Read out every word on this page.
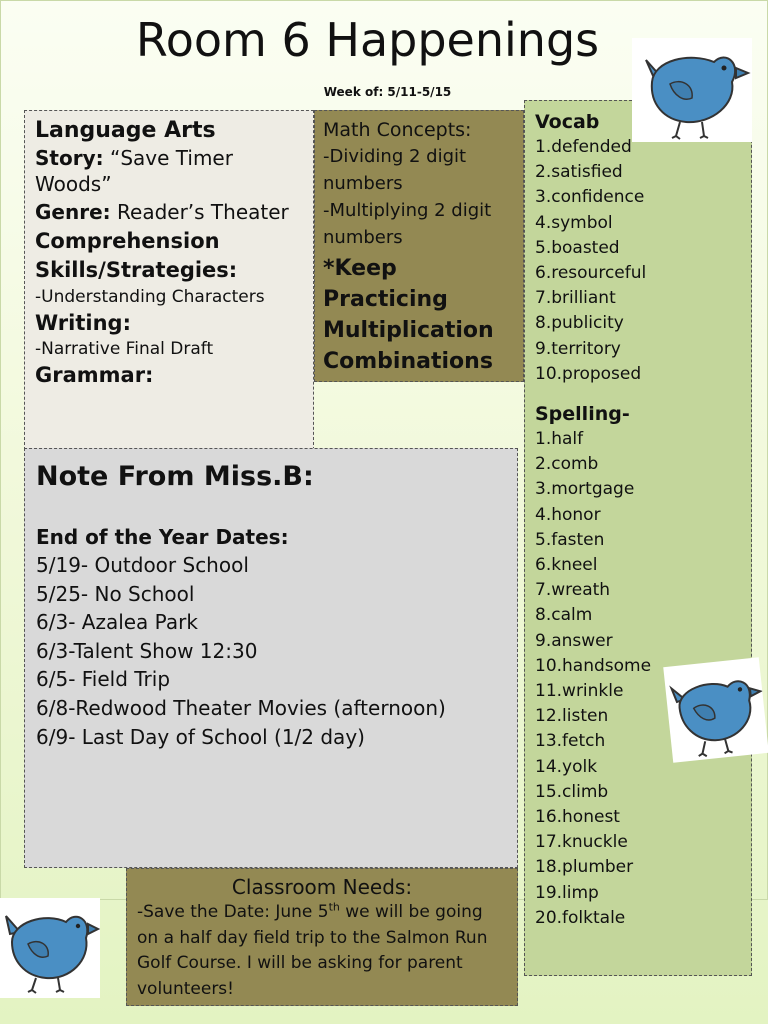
Room 6 Happenings
Week of: 5/11-5/15
Language Arts
Story: “Save Timer Woods”
Genre: Reader’s Theater
Comprehension Skills/Strategies:
-Understanding Characters
Writing:
-Narrative Final Draft
Grammar:
Math Concepts:
-Dividing 2 digit numbers
-Multiplying 2 digit numbers
*Keep Practicing Multiplication Combinations
Vocab
1.defended
2.satisfied
3.confidence
4.symbol
5.boasted
6.resourceful
7.brilliant
8.publicity
9.territory
10.proposed
Spelling-
1.half
2.comb
3.mortgage
4.honor
5.fasten
6.kneel
7.wreath
8.calm
9.answer
10.handsome
11.wrinkle
12.listen
13.fetch
14.yolk
15.climb
16.honest
17.knuckle
18.plumber
19.limp
20.folktale
Note From Miss.B:
End of the Year Dates:
5/19- Outdoor School
5/25- No School
6/3- Azalea Park
6/3-Talent Show 12:30
6/5- Field Trip
6/8-Redwood Theater Movies (afternoon)
6/9- Last Day of School (1/2 day)
Classroom Needs:
-Save the Date: June 5th we will be going on a half day field trip to the Salmon Run Golf Course. I will be asking for parent volunteers!
